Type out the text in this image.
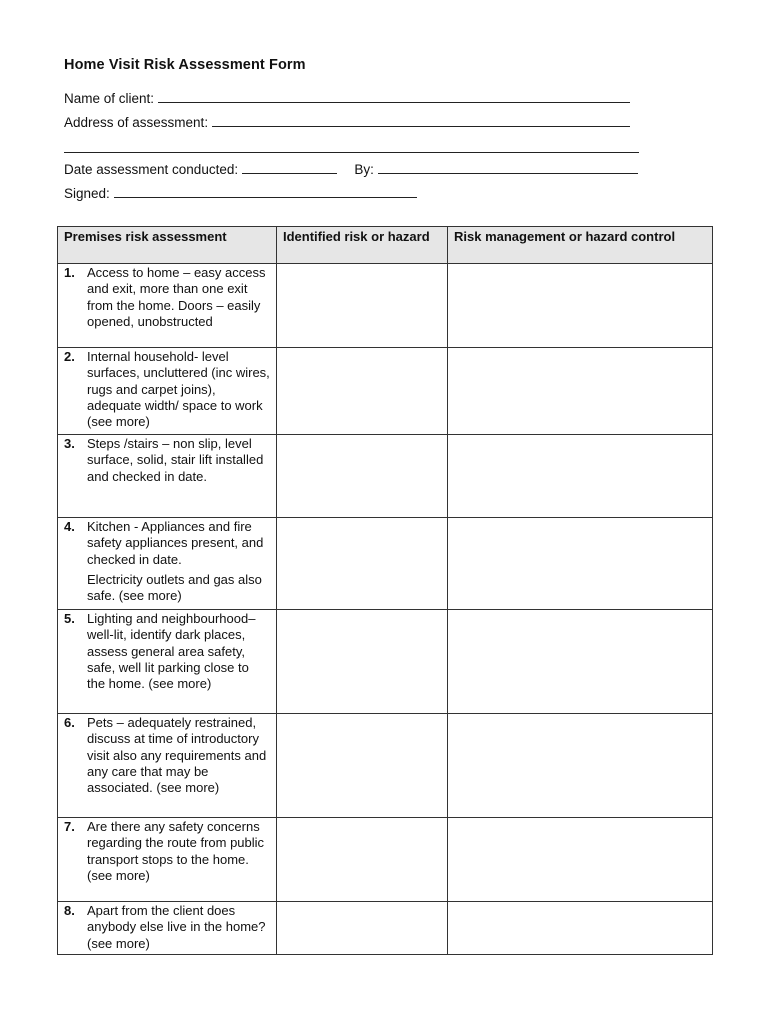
Home Visit Risk Assessment Form
Name of client:
Address of assessment:
Date assessment conducted:	By:
Signed:
Premises risk assessment	Identified risk or hazard	Risk management or hazard control

1. Access to home – easy access and exit, more than one exit from the home. Doors – easily opened, unobstructed		

2. Internal household- level surfaces, uncluttered (inc wires, rugs and carpet joins), adequate width/ space to work (see more)		

3. Steps /stairs – non slip, level surface, solid, stair lift installed and checked in date.		

4. Kitchen - Appliances and fire safety appliances present, and checked in date.
Electricity outlets and gas also safe. (see more)		

5. Lighting and neighbourhood– well-lit, identify dark places, assess general area safety, safe, well lit parking close to the home. (see more)		

6. Pets – adequately restrained, discuss at time of introductory visit also any requirements and any care that may be associated. (see more)		

7. Are there any safety concerns regarding the route from public transport stops to the home. (see more)		

8. Apart from the client does anybody else live in the home? (see more)		
